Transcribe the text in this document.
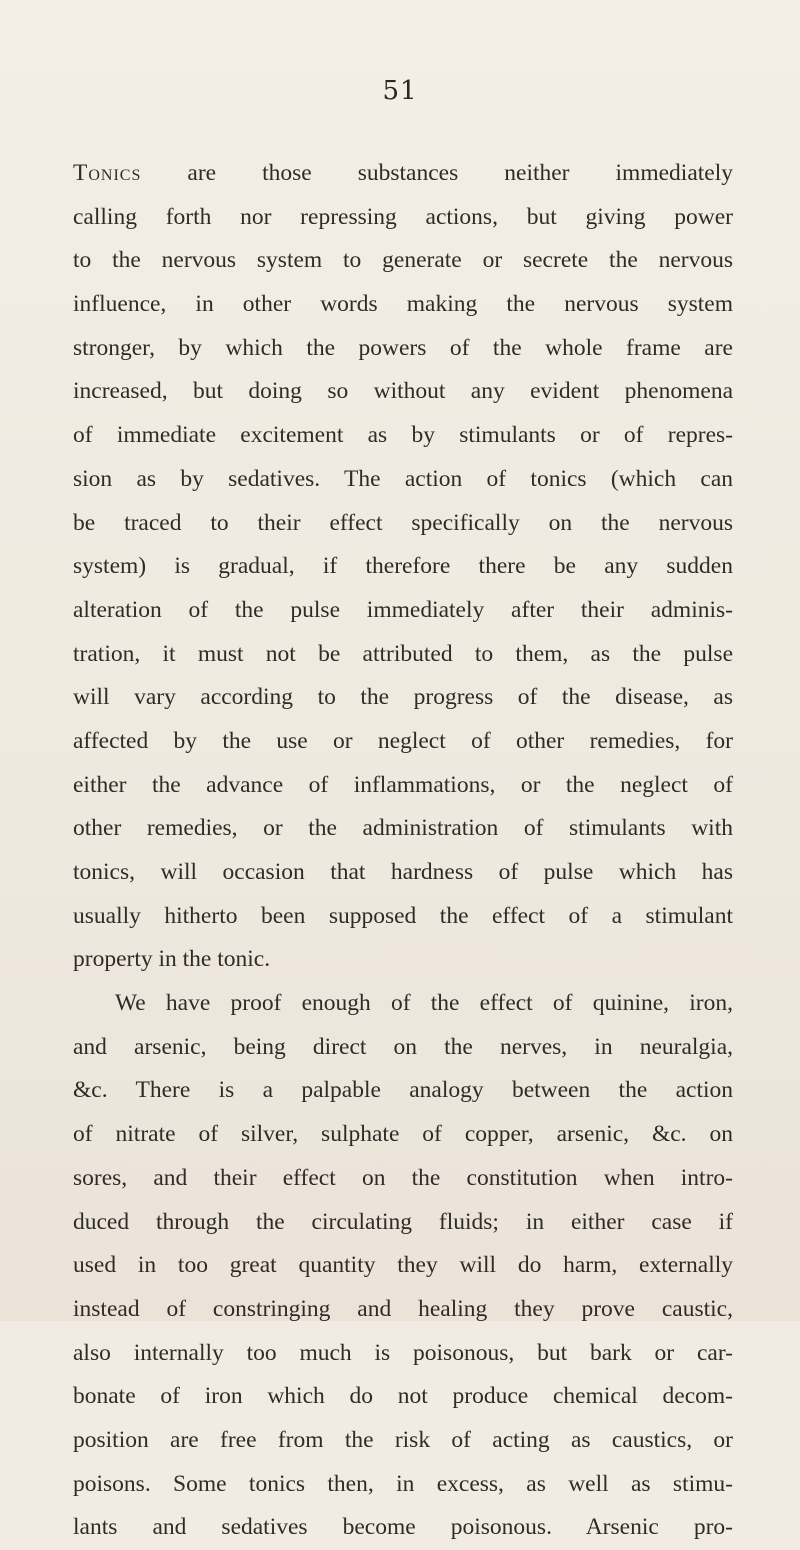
51
Tonics are those substances neither immediately
calling forth nor repressing actions, but giving power
to the nervous system to generate or secrete the nervous
influence, in other words making the nervous system
stronger, by which the powers of the whole frame are
increased, but doing so without any evident phenomena
of immediate excitement as by stimulants or of repres-
sion as by sedatives. The action of tonics (which can
be traced to their effect specifically on the nervous
system) is gradual, if therefore there be any sudden
alteration of the pulse immediately after their adminis-
tration, it must not be attributed to them, as the pulse
will vary according to the progress of the disease, as
affected by the use or neglect of other remedies, for
either the advance of inflammations, or the neglect of
other remedies, or the administration of stimulants with
tonics, will occasion that hardness of pulse which has
usually hitherto been supposed the effect of a stimulant
property in the tonic.
We have proof enough of the effect of quinine, iron,
and arsenic, being direct on the nerves, in neuralgia,
&c. There is a palpable analogy between the action
of nitrate of silver, sulphate of copper, arsenic, &c. on
sores, and their effect on the constitution when intro-
duced through the circulating fluids; in either case if
used in too great quantity they will do harm, externally
instead of constringing and healing they prove caustic,
also internally too much is poisonous, but bark or car-
bonate of iron which do not produce chemical decom-
position are free from the risk of acting as caustics, or
poisons. Some tonics then, in excess, as well as stimu-
lants and sedatives become poisonous. Arsenic pro-
